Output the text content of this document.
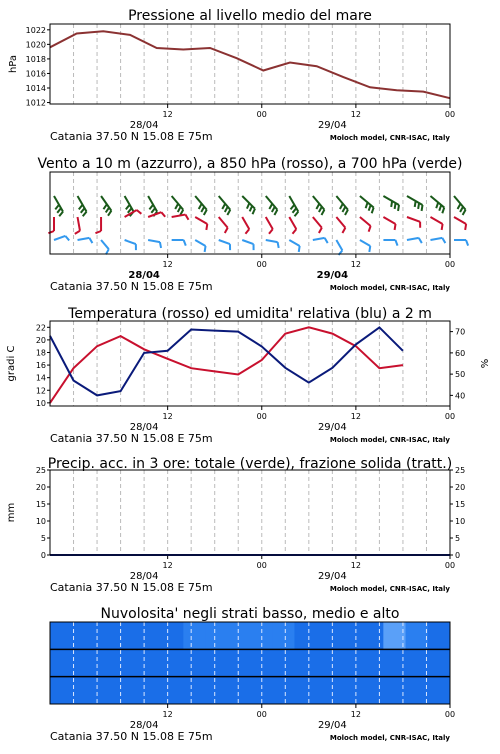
Pressione al livello medio del mare
12	00	12	00
28/04	29/04
Catania 37.50 N 15.08 E 75m	Moloch model, CNR-ISAC, Italy
1012
1014
1016
1018
1020
1022
hPa
Vento a 10 m (azzurro), a 850 hPa (rosso), a 700 hPa (verde)
12	00	12	00
28/04	29/04
Catania 37.50 N 15.08 E 75m	Moloch model, CNR-ISAC, Italy
Temperatura (rosso) ed umidita' relativa (blu) a 2 m
12	00	12	00
28/04	29/04
Catania 37.50 N 15.08 E 75m	Moloch model, CNR-ISAC, Italy
10
12
14
16
18
20
22
40
50
60
70
gradi C	%
Precip. acc. in 3 ore: totale (verde), frazione solida (tratt.)
12	00	12	00
28/04	29/04
Catania 37.50 N 15.08 E 75m	Moloch model, CNR-ISAC, Italy
0
5
10
15
20
25
0
5
10
15
20
25
mm
Nuvolosita' negli strati basso, medio e alto
12	00	12	00
28/04	29/04
Catania 37.50 N 15.08 E 75m	Moloch model, CNR-ISAC, Italy
